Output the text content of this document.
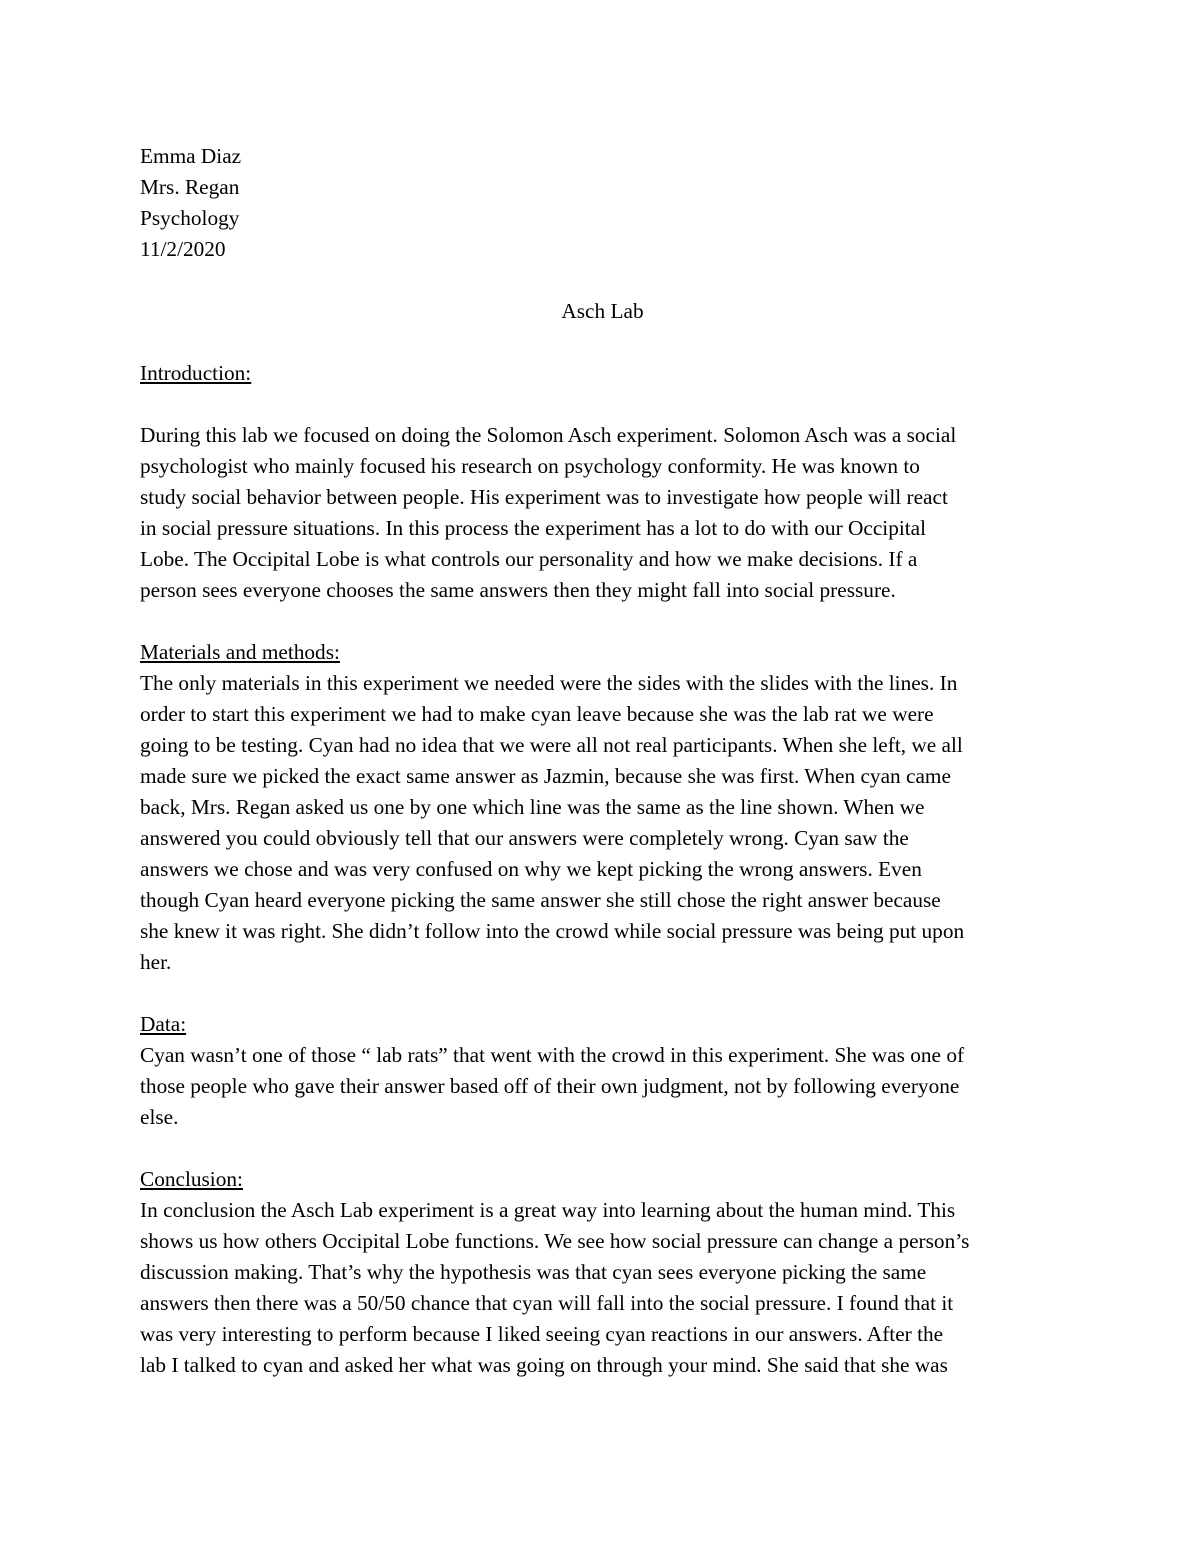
Emma Diaz
Mrs. Regan
Psychology
11/2/2020
Asch Lab
Introduction:
During this lab we focused on doing the Solomon Asch experiment. Solomon Asch was a social
psychologist who mainly focused his research on psychology conformity. He was known to
study social behavior between people. His experiment was to investigate how people will react
in social pressure situations. In this process the experiment has a lot to do with our Occipital
Lobe. The Occipital Lobe is what controls our personality and how we make decisions. If a
person sees everyone chooses the same answers then they might fall into social pressure.
Materials and methods:
The only materials in this experiment we needed were the sides with the slides with the lines. In
order to start this experiment we had to make cyan leave because she was the lab rat we were
going to be testing. Cyan had no idea that we were all not real participants. When she left, we all
made sure we picked the exact same answer as Jazmin, because she was first. When cyan came
back, Mrs. Regan asked us one by one which line was the same as the line shown. When we
answered you could obviously tell that our answers were completely wrong. Cyan saw the
answers we chose and was very confused on why we kept picking the wrong answers. Even
though Cyan heard everyone picking the same answer she still chose the right answer because
she knew it was right. She didn’t follow into the crowd while social pressure was being put upon
her.
Data:
Cyan wasn’t one of those “ lab rats” that went with the crowd in this experiment. She was one of
those people who gave their answer based off of their own judgment, not by following everyone
else.
Conclusion:
In conclusion the Asch Lab experiment is a great way into learning about the human mind. This
shows us how others Occipital Lobe functions. We see how social pressure can change a person’s
discussion making. That’s why the hypothesis was that cyan sees everyone picking the same
answers then there was a 50/50 chance that cyan will fall into the social pressure. I found that it
was very interesting to perform because I liked seeing cyan reactions in our answers. After the
lab I talked to cyan and asked her what was going on through your mind. She said that she was
